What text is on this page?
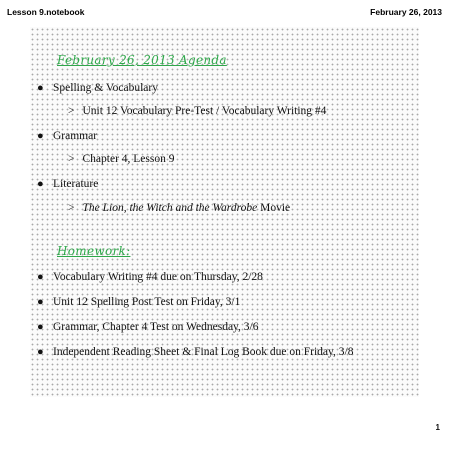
Lesson 9.notebook	February 26, 2013
February 26, 2013 Agenda
● Spelling & Vocabulary
> Unit 12 Vocabulary Pre-Test / Vocabulary Writing #4
● Grammar
> Chapter 4, Lesson 9
● Literature
> The Lion, the Witch and the Wardrobe Movie
Homework:
● Vocabulary Writing #4 due on Thursday, 2/28
● Unit 12 Spelling Post Test on Friday, 3/1
● Grammar, Chapter 4 Test on Wednesday, 3/6
● Independent Reading Sheet & Final Log Book due on Friday, 3/8
1
